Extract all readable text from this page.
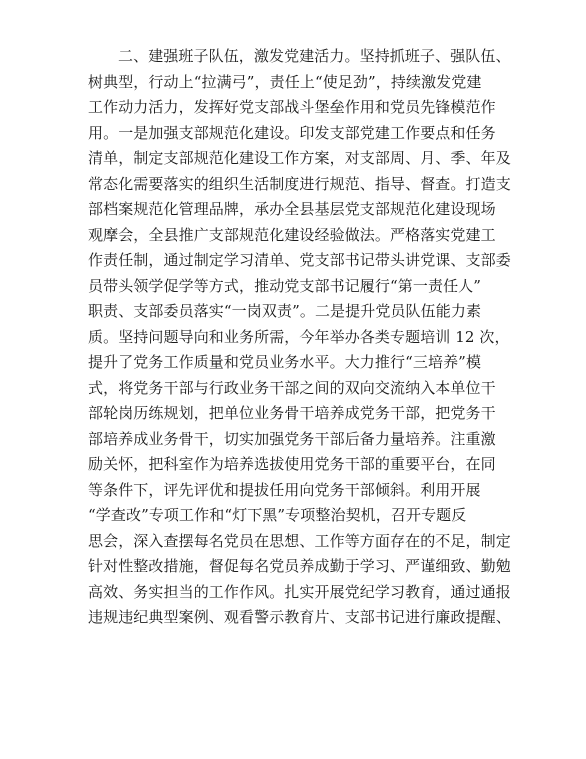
二、建强班子队伍，激发党建活力。坚持抓班子、强队伍、
树典型，行动上“拉满弓”，责任上“使足劲”，持续激发党建
工作动力活力，发挥好党支部战斗堡垒作用和党员先锋模范作
用。一是加强支部规范化建设。印发支部党建工作要点和任务
清单，制定支部规范化建设工作方案，对支部周、月、季、年及
常态化需要落实的组织生活制度进行规范、指导、督查。打造支
部档案规范化管理品牌，承办全县基层党支部规范化建设现场
观摩会，全县推广支部规范化建设经验做法。严格落实党建工
作责任制，通过制定学习清单、党支部书记带头讲党课、支部委
员带头领学促学等方式，推动党支部书记履行“第一责任人”
职责、支部委员落实“一岗双责”。二是提升党员队伍能力素
质。坚持问题导向和业务所需，今年举办各类专题培训 12 次，
提升了党务工作质量和党员业务水平。大力推行“三培养”模
式，将党务干部与行政业务干部之间的双向交流纳入本单位干
部轮岗历练规划，把单位业务骨干培养成党务干部，把党务干
部培养成业务骨干，切实加强党务干部后备力量培养。注重激
励关怀，把科室作为培养选拔使用党务干部的重要平台，在同
等条件下，评先评优和提拔任用向党务干部倾斜。利用开展
“学查改”专项工作和“灯下黑”专项整治契机，召开专题反
思会，深入查摆每名党员在思想、工作等方面存在的不足，制定
针对性整改措施，督促每名党员养成勤于学习、严谨细致、勤勉
高效、务实担当的工作作风。扎实开展党纪学习教育，通过通报
违规违纪典型案例、观看警示教育片、支部书记进行廉政提醒、
